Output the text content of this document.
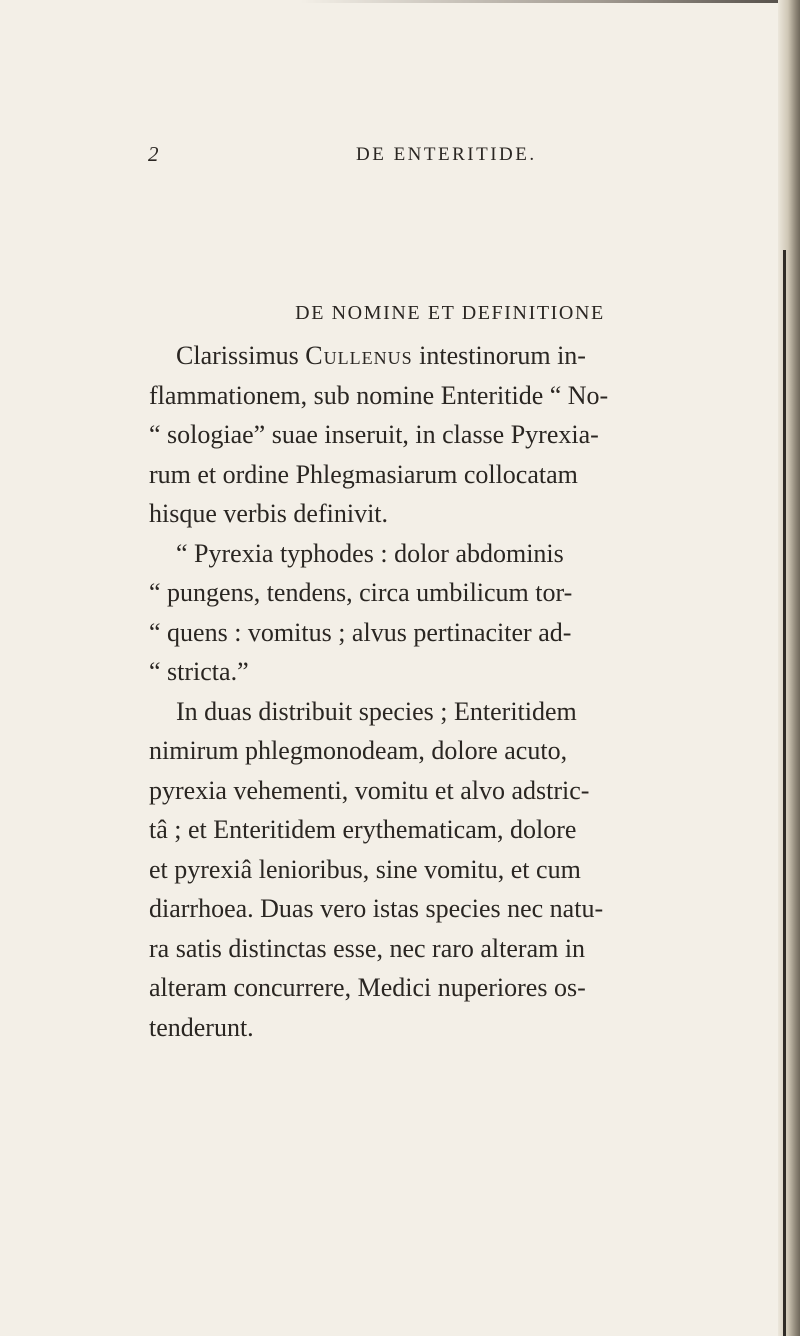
2	DE ENTERITIDE.
DE NOMINE ET DEFINITIONE
Clarissimus Cullenus intestinorum in-
flammationem, sub nomine Enteritide “ No-
“ sologiae” suae inseruit, in classe Pyrexia-
rum et ordine Phlegmasiarum collocatam
hisque verbis definivit.
“ Pyrexia typhodes : dolor abdominis
“ pungens, tendens, circa umbilicum tor-
“ quens : vomitus ; alvus pertinaciter ad-
“ stricta.”
In duas distribuit species ; Enteritidem
nimirum phlegmonodeam, dolore acuto,
pyrexia vehementi, vomitu et alvo adstric-
tâ ; et Enteritidem erythematicam, dolore
et pyrexiâ lenioribus, sine vomitu, et cum
diarrhoea. Duas vero istas species nec natu-
ra satis distinctas esse, nec raro alteram in
alteram concurrere, Medici nuperiores os-
tenderunt.
